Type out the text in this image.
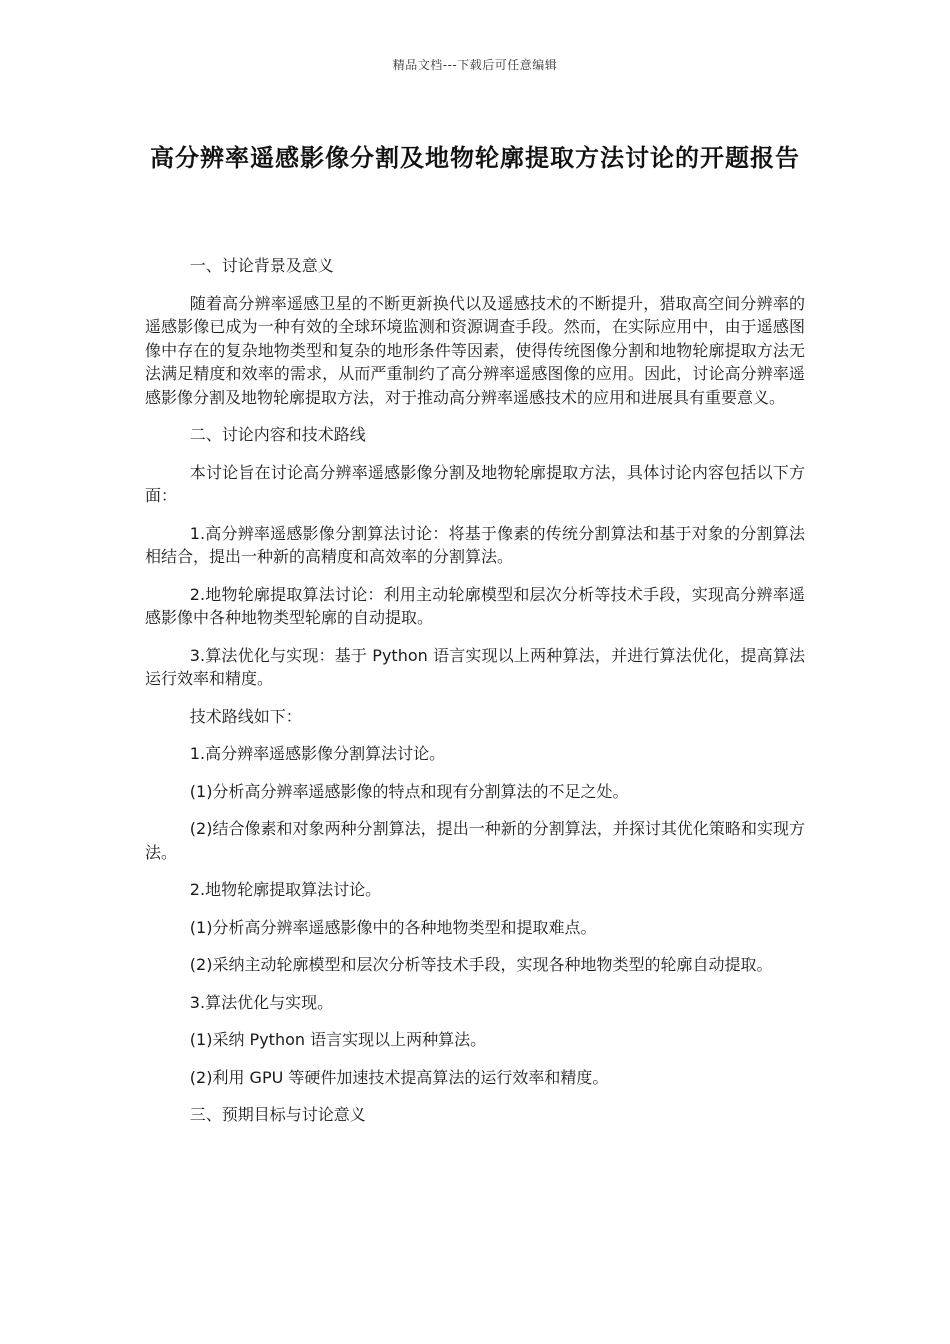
精品文档---下载后可任意编辑
高分辨率遥感影像分割及地物轮廓提取方法讨论的开题报告

一、讨论背景及意义

随着高分辨率遥感卫星的不断更新换代以及遥感技术的不断提升，猎取高空间分辨率的遥感影像已成为一种有效的全球环境监测和资源调查手段。然而，在实际应用中，由于遥感图像中存在的复杂地物类型和复杂的地形条件等因素，使得传统图像分割和地物轮廓提取方法无法满足精度和效率的需求，从而严重制约了高分辨率遥感图像的应用。因此，讨论高分辨率遥感影像分割及地物轮廓提取方法，对于推动高分辨率遥感技术的应用和进展具有重要意义。

二、讨论内容和技术路线

本讨论旨在讨论高分辨率遥感影像分割及地物轮廓提取方法，具体讨论内容包括以下方面：

1.高分辨率遥感影像分割算法讨论：将基于像素的传统分割算法和基于对象的分割算法相结合，提出一种新的高精度和高效率的分割算法。

2.地物轮廓提取算法讨论：利用主动轮廓模型和层次分析等技术手段，实现高分辨率遥感影像中各种地物类型轮廓的自动提取。

3.算法优化与实现：基于 Python 语言实现以上两种算法，并进行算法优化，提高算法运行效率和精度。

技术路线如下：

1.高分辨率遥感影像分割算法讨论。

(1)分析高分辨率遥感影像的特点和现有分割算法的不足之处。

(2)结合像素和对象两种分割算法，提出一种新的分割算法，并探讨其优化策略和实现方法。

2.地物轮廓提取算法讨论。

(1)分析高分辨率遥感影像中的各种地物类型和提取难点。

(2)采纳主动轮廓模型和层次分析等技术手段，实现各种地物类型的轮廓自动提取。

3.算法优化与实现。

(1)采纳 Python 语言实现以上两种算法。

(2)利用 GPU 等硬件加速技术提高算法的运行效率和精度。

三、预期目标与讨论意义
